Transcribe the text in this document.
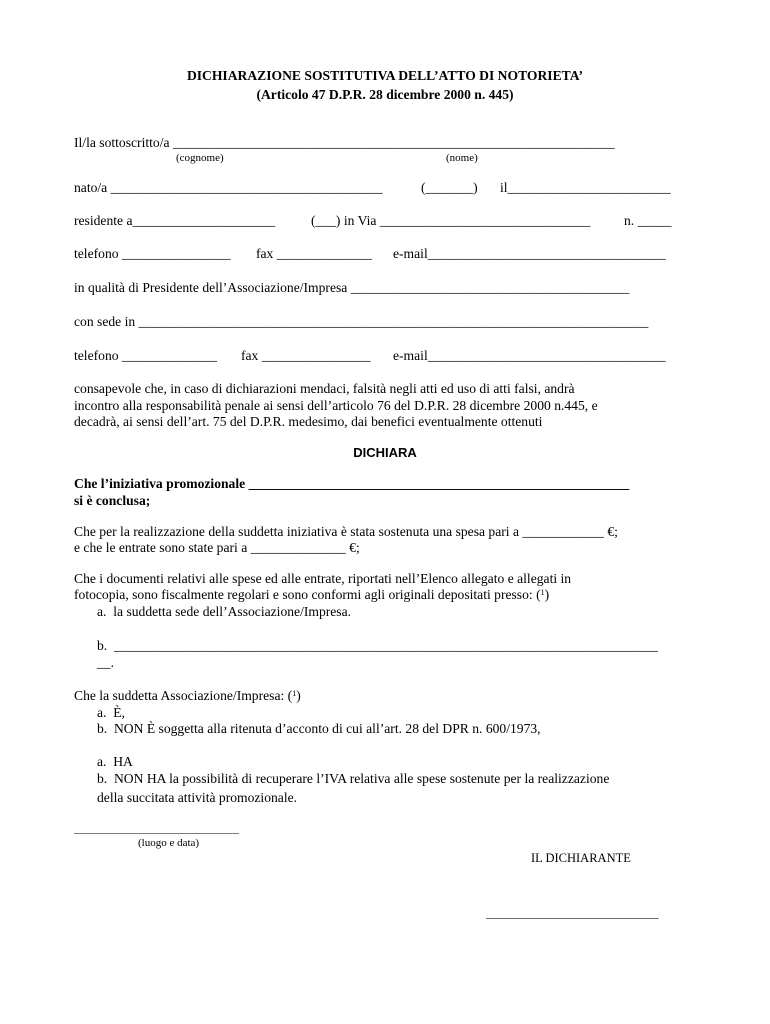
DICHIARAZIONE SOSTITUTIVA DELL’ATTO DI NOTORIETA’
(Articolo 47 D.P.R. 28 dicembre 2000 n. 445)
Il/la sottoscritto/a _________________________________________________________________
(cognome)	(nome)
nato/a ________________________________________	(_______) il________________________
residente a_____________________	(___) in Via _______________________________ n. _____
telefono ________________ fax ______________ e-mail___________________________________
in qualità di Presidente dell’Associazione/Impresa _________________________________________
con sede in ___________________________________________________________________________
telefono ______________ fax ________________ e-mail___________________________________
consapevole che, in caso di dichiarazioni mendaci, falsità negli atti ed uso di atti falsi, andrà
incontro alla responsabilità penale ai sensi dell’articolo 76 del D.P.R. 28 dicembre 2000 n.445, e
decadrà, ai sensi dell’art. 75 del D.P.R. medesimo, dai benefici eventualmente ottenuti
DICHIARA
Che l’iniziativa promozionale ________________________________________________________
si è conclusa;
Che per la realizzazione della suddetta iniziativa è stata sostenuta una spesa pari a ____________ €;
e che le entrate sono state pari a ______________ €;
Che i documenti relativi alle spese ed alle entrate, riportati nell’Elenco allegato e allegati in
fotocopia, sono fiscalmente regolari e sono conformi agli originali depositati presso: ($^1$)
a.  la suddetta sede dell’Associazione/Impresa.
b.  ________________________________________________________________________________
__.
Che la suddetta Associazione/Impresa: ($^1$)
a.  È,
b.  NON È soggetta alla ritenuta d’acconto di cui all’art. 28 del DPR n. 600/1973,
a.  HA
b.  NON HA la possibilità di recuperare l’IVA relativa alle spese sostenute per la realizzazione
della succitata attività promozionale.
______________________________
(luogo e data)
IL DICHIARANTE
______________________________
